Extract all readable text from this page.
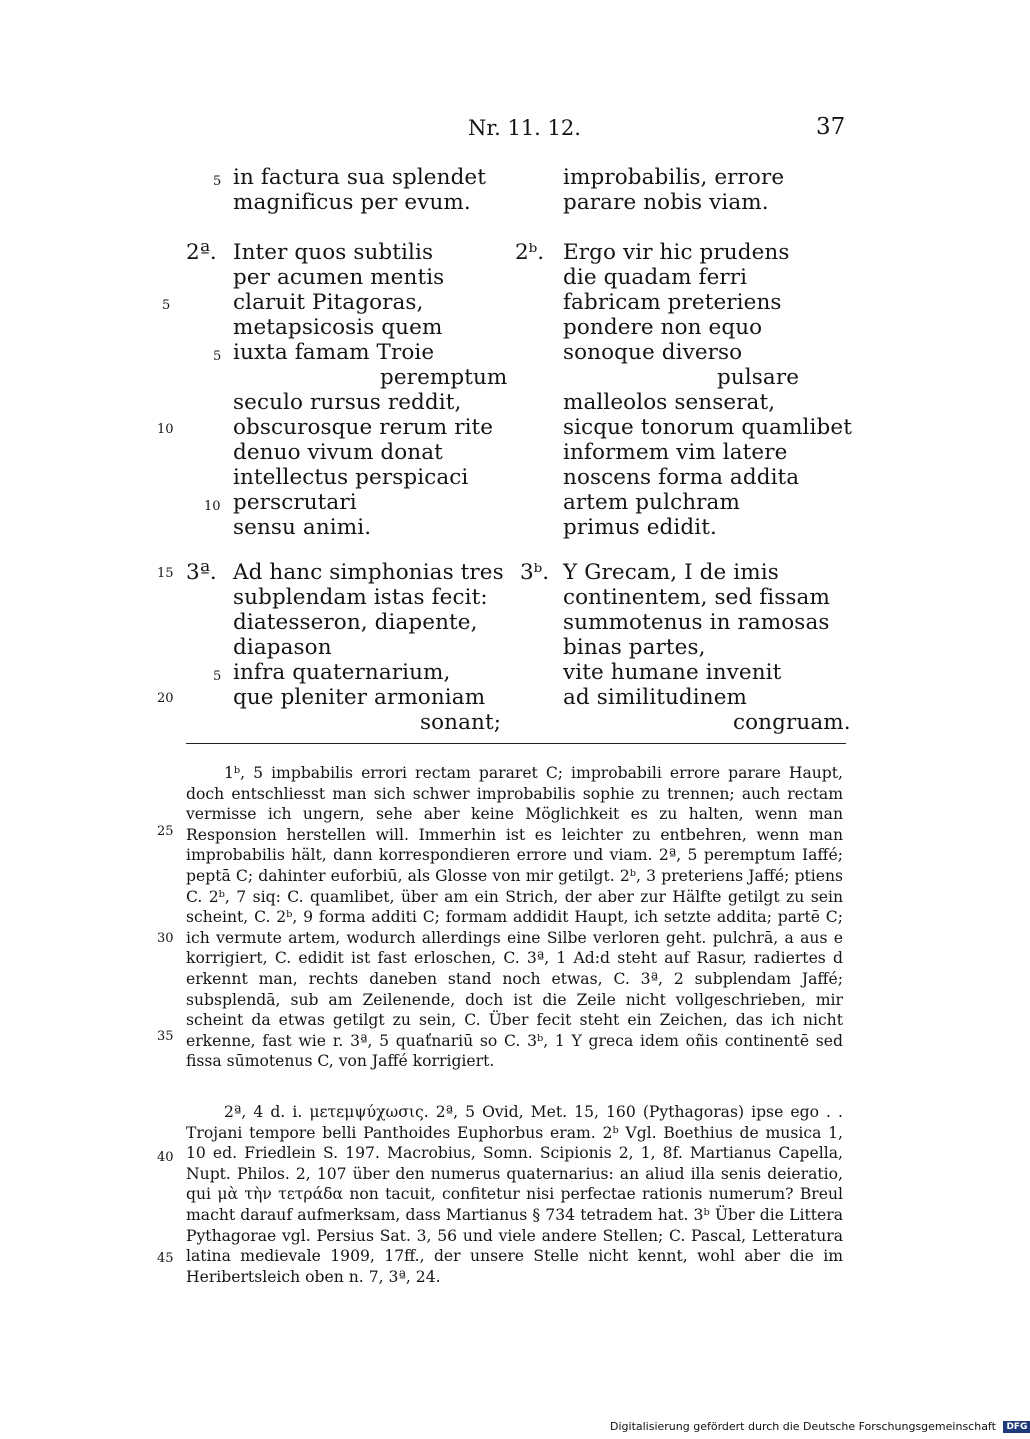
Nr. 11. 12.	37
5 in factura sua splendet
magnificus per evum.
improbabilis, errore
parare nobis viam.
2ª. Inter quos subtilis
per acumen mentis
claruit Pitagoras,
metapsicosis quem
5 iuxta famam Troie
peremptum
seculo rursus reddit,
obscurosque rerum rite
denuo vivum donat
intellectus perspicaci
10 perscrutari
sensu animi.
2ᵇ. Ergo vir hic prudens
die quadam ferri
fabricam preteriens
pondere non equo
sonoque diverso
pulsare
malleolos senserat,
sicque tonorum quamlibet
informem vim latere
noscens forma addita
artem pulchram
primus edidit.
3ª. Ad hanc simphonias tres
subplendam istas fecit:
diatesseron, diapente,
diapason
5 infra quaternarium,
que pleniter armoniam
sonant;
3ᵇ. Y Grecam, I de imis
continentem, sed fissam
summotenus in ramosas
binas partes,
vite humane invenit
ad similitudinem
congruam.
5
10
15
20
25
30
35
40
45

1ᵇ, 5 impbabilis errori rectam pararet C; improbabili errore parare Haupt, doch entschliesst man sich schwer improbabilis sophie zu trennen; auch rectam vermisse ich ungern, sehe aber keine Möglichkeit es zu halten, wenn man Responsion herstellen will. Immerhin ist es leichter zu entbehren, wenn man improbabilis hält, dann korrespondieren errore und viam. 2ª, 5 peremptum Iaffé; peptā C; dahinter euforbiū, als Glosse von mir getilgt. 2ᵇ, 3 preteriens Jaffé; ptiens C. 2ᵇ, 7 siq: C. quamlibet, über am ein Strich, der aber zur Hälfte getilgt zu sein scheint, C. 2ᵇ, 9 forma additi C; formam addidit Haupt, ich setzte addita; partē C; ich vermute artem, wodurch allerdings eine Silbe verloren geht. pulchrā, a aus e korrigiert, C. edidit ist fast erloschen, C. 3ª, 1 Ad:d steht auf Rasur, radiertes d erkennt man, rechts daneben stand noch etwas, C. 3ª, 2 subplendam Jaffé; subsplendā, sub am Zeilenende, doch ist die Zeile nicht vollgeschrieben, mir scheint da etwas getilgt zu sein, C. Über fecit steht ein Zeichen, das ich nicht erkenne, fast wie r. 3ª, 5 quaťnariū so C. 3ᵇ, 1 Y greca idem oñis continentē sed fissa sūmotenus C, von Jaffé korrigiert.

2ª, 4 d. i. μετεμψύχωσις. 2ª, 5 Ovid, Met. 15, 160 (Pythagoras) ipse ego . . Trojani tempore belli Panthoides Euphorbus eram. 2ᵇ Vgl. Boethius de musica 1, 10 ed. Friedlein S. 197. Macrobius, Somn. Scipionis 2, 1, 8f. Martianus Capella, Nupt. Philos. 2, 107 über den numerus quaternarius: an aliud illa senis deieratio, qui μὰ τὴν τετράδα non tacuit, confitetur nisi perfectae rationis numerum? Breul macht darauf aufmerksam, dass Martianus § 734 tetradem hat. 3ᵇ Über die Littera Pythagorae vgl. Persius Sat. 3, 56 und viele andere Stellen; C. Pascal, Letteratura latina medievale 1909, 17ff., der unsere Stelle nicht kennt, wohl aber die im Heribertsleich oben n. 7, 3ª, 24.

Digitalisierung gefördert durch die Deutsche Forschungsgemeinschaft DFG
